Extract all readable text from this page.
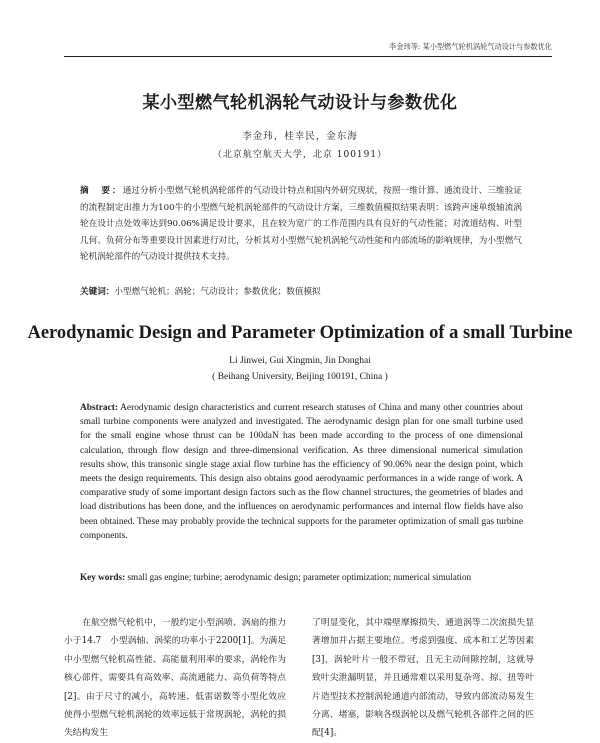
李金玮等: 某小型燃气轮机涡轮气动设计与参数优化
某小型燃气轮机涡轮气动设计与参数优化
李金玮，桂幸民，金东海
（北京航空航天大学，北京 100191）
摘　要：通过分析小型燃气轮机涡轮部件的气动设计特点和国内外研究现状，按照一维计算、通流设计、三维验证的流程制定出推力为100牛的小型燃气轮机涡轮部件的气动设计方案，三维数值模拟结果表明：该跨声速单级轴流涡轮在设计点处效率达到90.06%满足设计要求，且在较为宽广的工作范围内具有良好的气动性能；对流道结构、叶型几何、负荷分布等重要设计因素进行对比，分析其对小型燃气轮机涡轮气动性能和内部流场的影响规律，为小型燃气轮机涡轮部件的气动设计提供技术支持。
关键词：小型燃气轮机；涡轮；气动设计；参数优化；数值模拟
Aerodynamic Design and Parameter Optimization of a small Turbine
Li Jinwei, Gui Xingmin, Jin Donghai
( Beihang University, Beijing 100191, China )
Abstract: Aerodynamic design characteristics and current research statuses of China and many other countries about small turbine components were analyzed and investigated. The aerodynamic design plan for one small turbine used for the small engine whose thrust can be 100daN has been made according to the process of one dimensional calculation, through flow design and three-dimensional verification. As three dimensional numerical simulation results show, this transonic single stage axial flow turbine has the efficiency of 90.06% near the design point, which meets the design requirements. This design also obtains good aerodynamic performances in a wide range of work. A comparative study of some important design factors such as the flow channel structures, the geometries of blades and load distributions has been done, and the influences on aerodynamic performances and internal flow fields have also been obtained. These may probably provide the technical supports for the parameter optimization of small gas turbine components.
Key words: small gas engine; turbine; aerodynamic design; parameter optimization; numerical simulation
在航空燃气轮机中，一般约定小型涡喷、涡扇的推力小于14.7　小型涡轴、涡桨的功率小于2200[1]。为满足中小型燃气轮机高性能、高能量利用率的要求，涡轮作为核心部件，需要具有高效率、高流通能力、高负荷等特点[2]。由于尺寸的减小，高转速、低雷诺数等小型化效应使得小型燃气轮机涡轮的效率远低于常规涡轮，涡轮的损失结构发生
了明显变化，其中端壁摩擦损失、通道涡等二次流损失显著增加并占据主要地位。考虑到强度、成本和工艺等因素[3]，涡轮叶片一般不带冠，且无主动间隙控制，这就导致叶尖泄漏明显，并且通常难以采用复杂弯、掠、扭等叶片造型技术控制涡轮通道内部流动，导致内部流动易发生分离、堵塞，影响各级涡轮以及燃气轮机各部件之间的匹配[4]。
